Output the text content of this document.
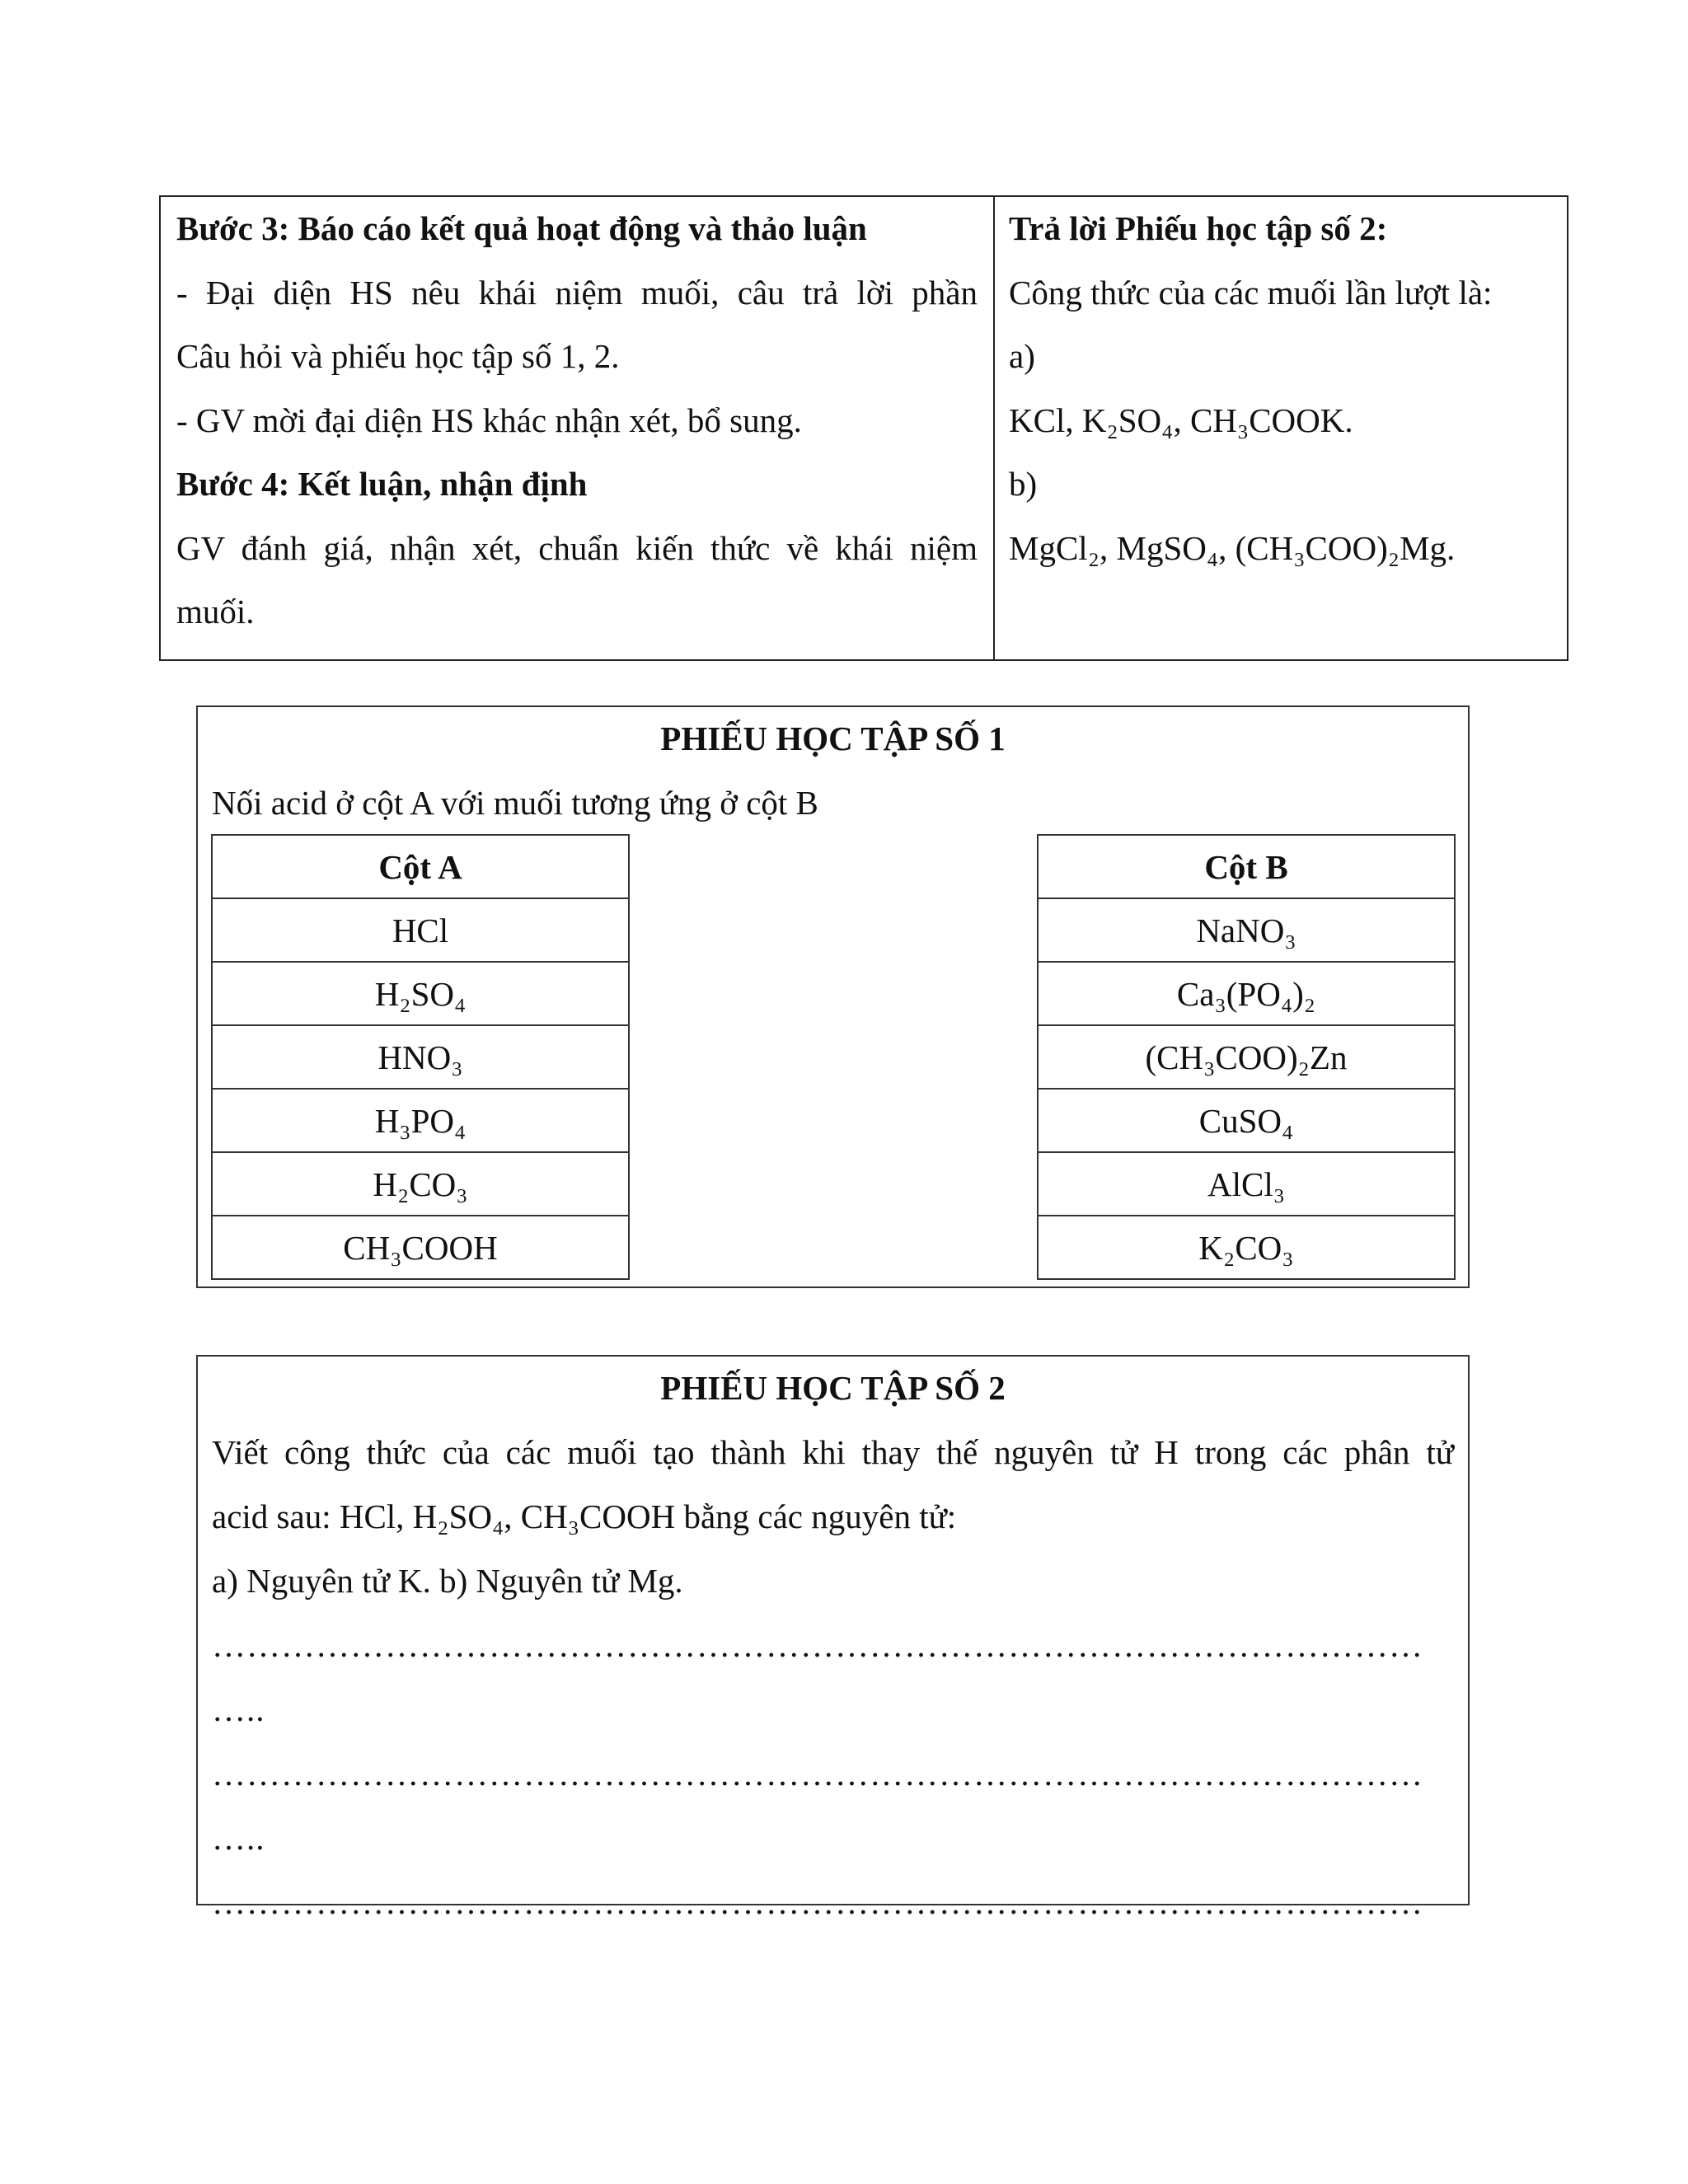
Bước 3: Báo cáo kết quả hoạt động và thảo luận
- Đại diện HS nêu khái niệm muối, câu trả lời phần
Câu hỏi và phiếu học tập số 1, 2.
- GV mời đại diện HS khác nhận xét, bổ sung.
Bước 4: Kết luận, nhận định
GV đánh giá, nhận xét, chuẩn kiến thức về khái niệm
muối.
Trả lời Phiếu học tập số 2:
Công thức của các muối lần lượt là:
a)
KCl, K₂SO₄, CH₃COOK.
b)
MgCl₂, MgSO₄, (CH₃COO)₂Mg.
PHIẾU HỌC TẬP SỐ 1
Nối acid ở cột A với muối tương ứng ở cột B
Cột A
HCl
H₂SO₄
HNO₃
H₃PO₄
H₂CO₃
CH₃COOH
Cột B
NaNO₃
Ca₃(PO₄)₂
(CH₃COO)₂Zn
CuSO₄
AlCl₃
K₂CO₃
PHIẾU HỌC TẬP SỐ 2
Viết công thức của các muối tạo thành khi thay thế nguyên tử H trong các phân tử
acid sau: HCl, H₂SO₄, CH₃COOH bằng các nguyên tử:
a) Nguyên tử K. b) Nguyên tử Mg.
……………………………………………………………………………………………
…..
……………………………………………………………………………………………
…..
……………………………………………………………………………………………
